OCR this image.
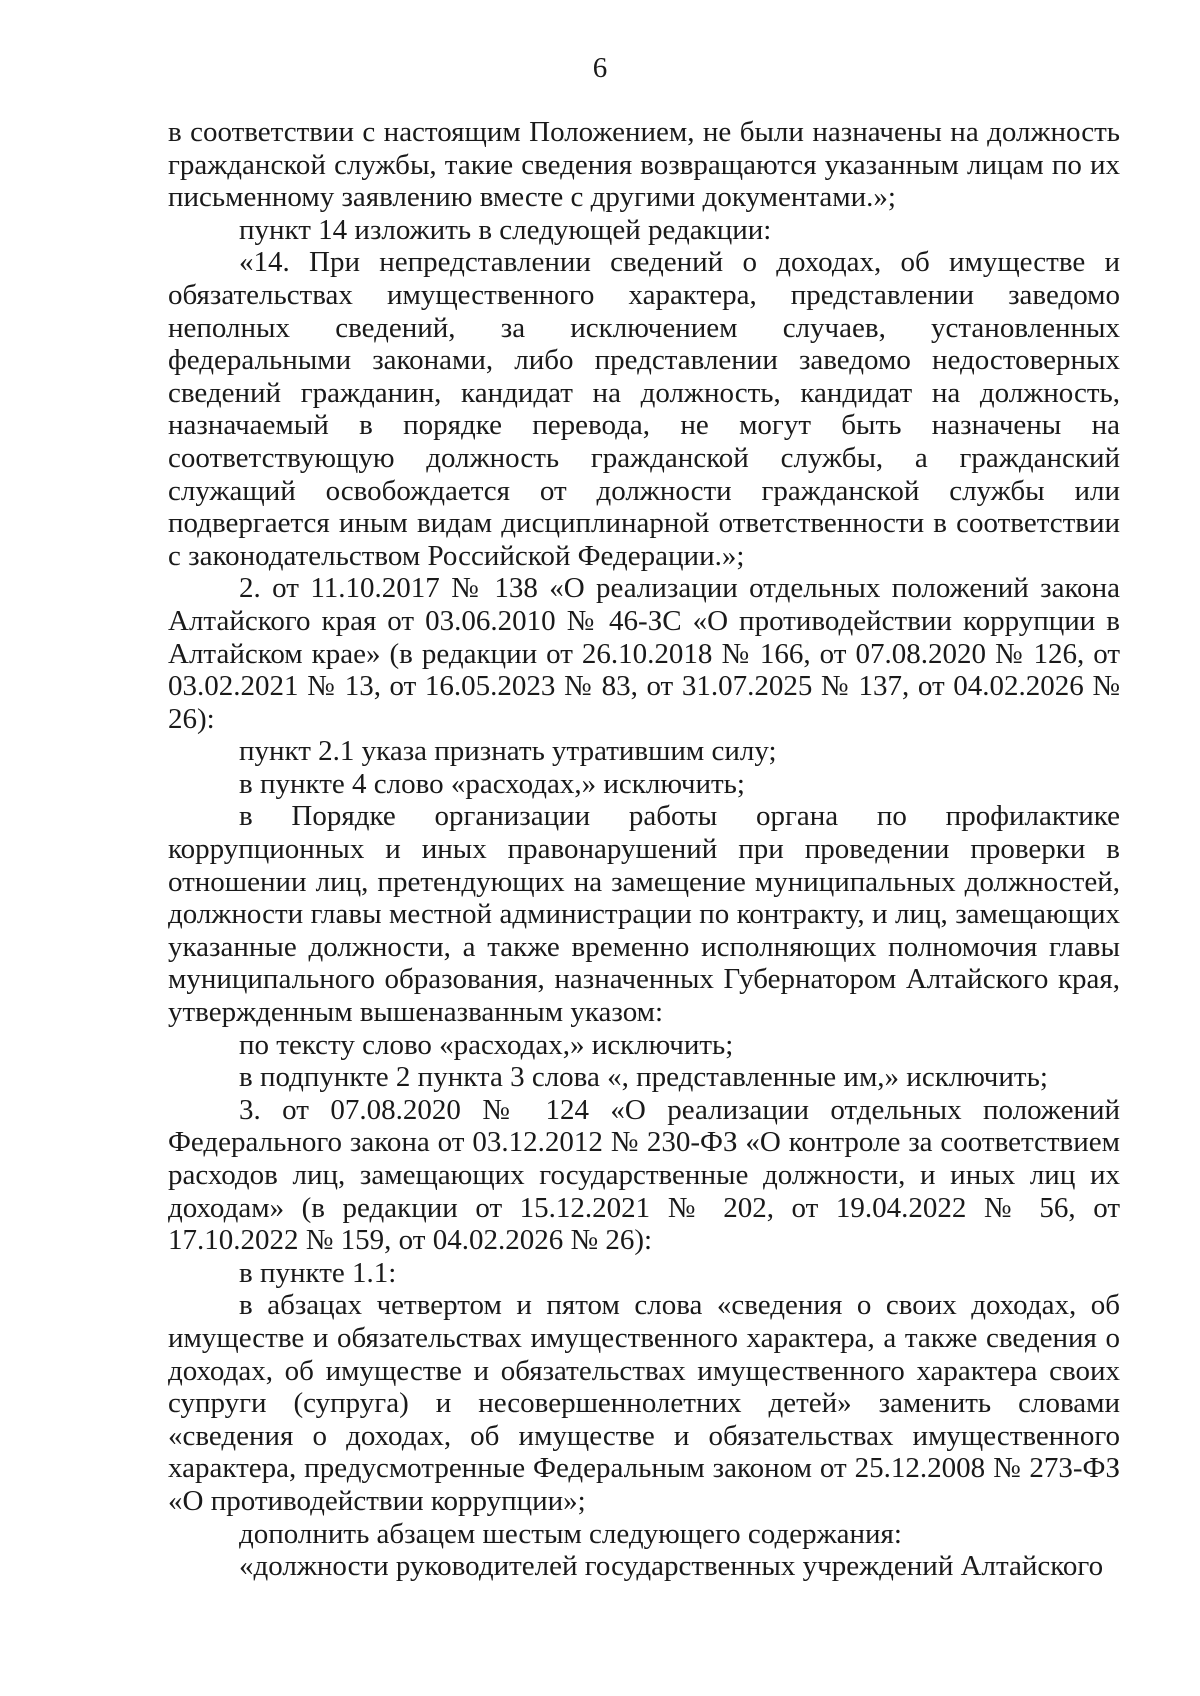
6

в соответствии с настоящим Положением, не были назначены на должность гражданской службы, такие сведения возвращаются указанным лицам по их письменному заявлению вместе с другими документами.»;

пункт 14 изложить в следующей редакции:

«14. При непредставлении сведений о доходах, об имуществе и обязательствах имущественного характера, представлении заведомо неполных сведений, за исключением случаев, установленных федеральными законами, либо представлении заведомо недостоверных сведений гражданин, кандидат на должность, кандидат на должность, назначаемый в порядке перевода, не могут быть назначены на соответствующую должность гражданской службы, а гражданский служащий освобождается от должности гражданской службы или подвергается иным видам дисциплинарной ответственности в соответствии с законодательством Российской Федерации.»;

2. от 11.10.2017 № 138 «О реализации отдельных положений закона Алтайского края от 03.06.2010 № 46-ЗС «О противодействии коррупции в Алтайском крае» (в редакции от 26.10.2018 № 166, от 07.08.2020 № 126, от 03.02.2021 № 13, от 16.05.2023 № 83, от 31.07.2025 № 137, от 04.02.2026 № 26):

пункт 2.1 указа признать утратившим силу;

в пункте 4 слово «расходах,» исключить;

в Порядке организации работы органа по профилактике коррупционных и иных правонарушений при проведении проверки в отношении лиц, претендующих на замещение муниципальных должностей, должности главы местной администрации по контракту, и лиц, замещающих указанные должности, а также временно исполняющих полномочия главы муниципального образования, назначенных Губернатором Алтайского края, утвержденным вышеназванным указом:

по тексту слово «расходах,» исключить;

в подпункте 2 пункта 3 слова «, представленные им,» исключить;

3. от 07.08.2020 № 124 «О реализации отдельных положений Федерального закона от 03.12.2012 № 230-ФЗ «О контроле за соответствием расходов лиц, замещающих государственные должности, и иных лиц их доходам» (в редакции от 15.12.2021 № 202, от 19.04.2022 № 56, от 17.10.2022 № 159, от 04.02.2026 № 26):

в пункте 1.1:

в абзацах четвертом и пятом слова «сведения о своих доходах, об имуществе и обязательствах имущественного характера, а также сведения о доходах, об имуществе и обязательствах имущественного характера своих супруги (супруга) и несовершеннолетних детей» заменить словами «сведения о доходах, об имуществе и обязательствах имущественного характера, предусмотренные Федеральным законом от 25.12.2008 № 273-ФЗ «О противодействии коррупции»;

дополнить абзацем шестым следующего содержания:

«должности руководителей государственных учреждений Алтайского
